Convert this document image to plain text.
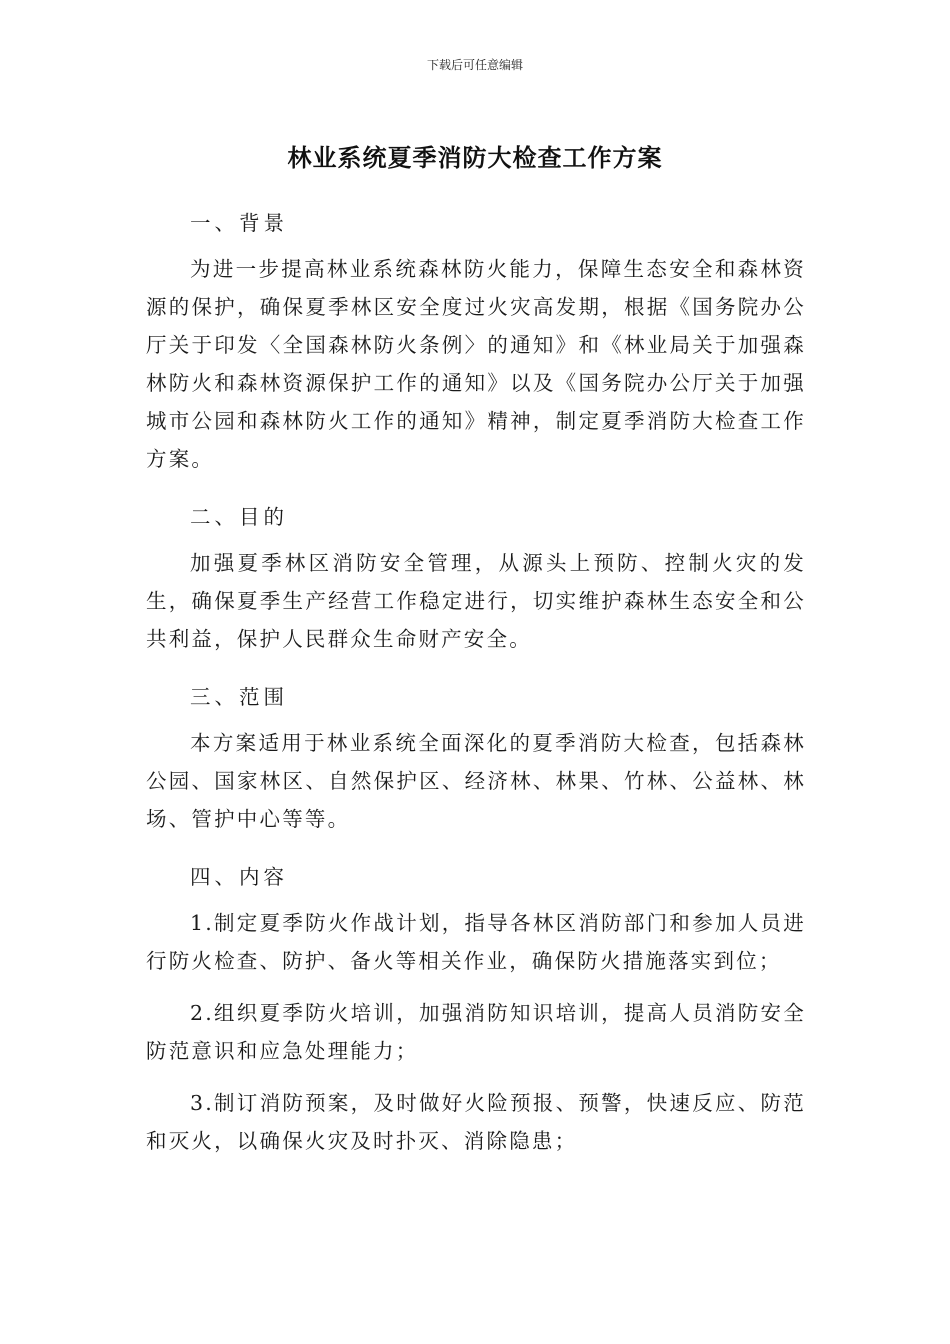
下载后可任意编辑
林业系统夏季消防大检查工作方案

一、背景

为进一步提高林业系统森林防火能力，保障生态安全和森林资源的保护，确保夏季林区安全度过火灾高发期，根据《国务院办公厅关于印发〈全国森林防火条例〉的通知》和《林业局关于加强森林防火和森林资源保护工作的通知》以及《国务院办公厅关于加强城市公园和森林防火工作的通知》精神，制定夏季消防大检查工作方案。

二、目的

加强夏季林区消防安全管理，从源头上预防、控制火灾的发生，确保夏季生产经营工作稳定进行，切实维护森林生态安全和公共利益，保护人民群众生命财产安全。

三、范围

本方案适用于林业系统全面深化的夏季消防大检查，包括森林公园、国家林区、自然保护区、经济林、林果、竹林、公益林、林场、管护中心等等。

四、内容

1.制定夏季防火作战计划，指导各林区消防部门和参加人员进行防火检查、防护、备火等相关作业，确保防火措施落实到位；

2.组织夏季防火培训，加强消防知识培训，提高人员消防安全防范意识和应急处理能力；

3.制订消防预案，及时做好火险预报、预警，快速反应、防范和灭火，以确保火灾及时扑灭、消除隐患；
